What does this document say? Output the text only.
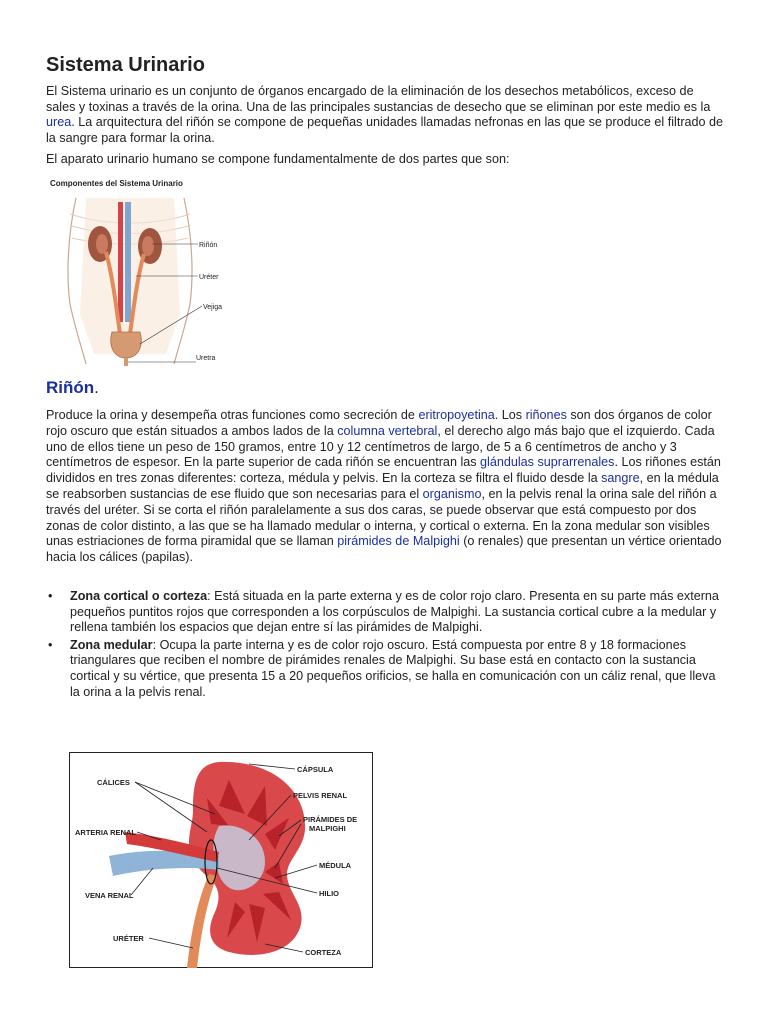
Sistema Urinario

El Sistema urinario es un conjunto de órganos encargado de la eliminación de los desechos metabólicos, exceso de sales y toxinas a través de la orina. Una de las principales sustancias de desecho que se eliminan por este medio es la urea. La arquitectura del riñón se compone de pequeñas unidades llamadas nefronas en las que se produce el filtrado de la sangre para formar la orina.

El aparato urinario humano se compone fundamentalmente de dos partes que son:

Componentes del Sistema Urinario
Riñón
Uréter
Vejiga
Uretra
Riñón.

Produce la orina y desempeña otras funciones como secreción de eritropoyetina. Los riñones son dos órganos de color rojo oscuro que están situados a ambos lados de la columna vertebral, el derecho algo más bajo que el izquierdo. Cada uno de ellos tiene un peso de 150 gramos, entre 10 y 12 centímetros de largo, de 5 a 6 centímetros de ancho y 3 centímetros de espesor. En la parte superior de cada riñón se encuentran las glándulas suprarrenales. Los riñones están divididos en tres zonas diferentes: corteza, médula y pelvis. En la corteza se filtra el fluido desde la sangre, en la médula se reabsorben sustancias de ese fluido que son necesarias para el organismo, en la pelvis renal la orina sale del riñón a través del uréter. Si se corta el riñón paralelamente a sus dos caras, se puede observar que está compuesto por dos zonas de color distinto, a las que se ha llamado medular o interna, y cortical o externa. En la zona medular son visibles unas estriaciones de forma piramidal que se llaman pirámides de Malpighi (o renales) que presentan un vértice orientado hacia los cálices (papilas).

• Zona cortical o corteza: Está situada en la parte externa y es de color rojo claro. Presenta en su parte más externa pequeños puntitos rojos que corresponden a los corpúsculos de Malpighi. La sustancia cortical cubre a la medular y rellena también los espacios que dejan entre sí las pirámides de Malpighi.
• Zona medular: Ocupa la parte interna y es de color rojo oscuro. Está compuesta por entre 8 y 18 formaciones triangulares que reciben el nombre de pirámides renales de Malpighi. Su base está en contacto con la sustancia cortical y su vértice, que presenta 15 a 20 pequeños orificios, se halla en comunicación con un cáliz renal, que lleva la orina a la pelvis renal.
CÁPSULA
CÁLICES
PELVIS RENAL
PIRÁMIDES DE
MALPIGHI
ARTERIA RENAL
MÉDULA
VENA RENAL	HILIO
URÉTER
CORTEZA
